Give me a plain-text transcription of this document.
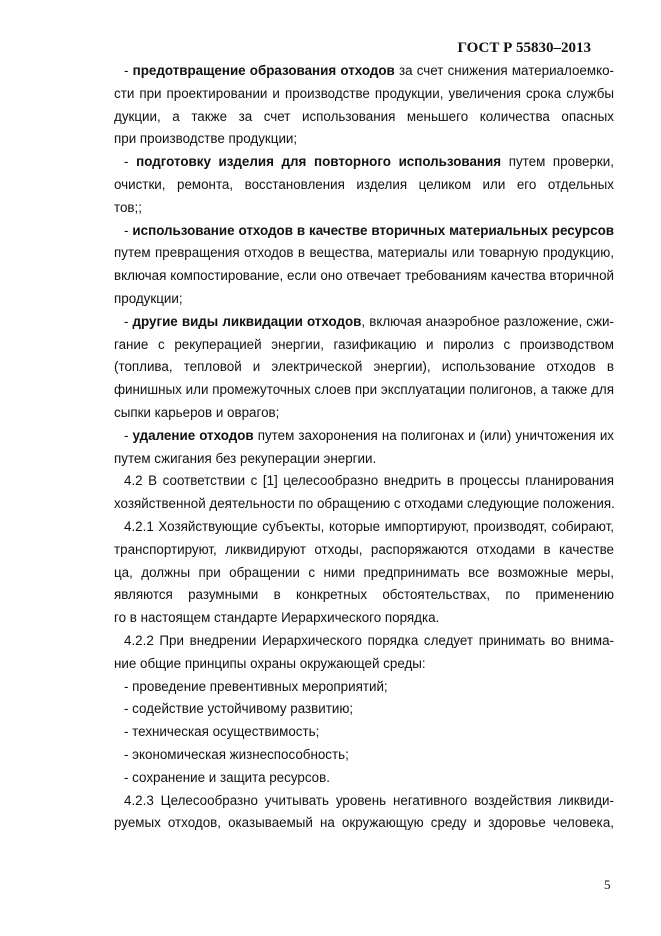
ГОСТ Р 55830–2013
- предотвращение образования отходов за счет снижения материалоемко-
сти при проектировании и производстве продукции, увеличения срока службы
дукции, а также за счет использования меньшего количества опасных
при производстве продукции;
- подготовку изделия для повторного использования путем проверки,
очистки, ремонта, восстановления изделия целиком или его отдельных
тов;;
- использование отходов в качестве вторичных материальных ресурсов
путем превращения отходов в вещества, материалы или товарную продукцию,
включая компостирование, если оно отвечает требованиям качества вторичной
продукции;
- другие виды ликвидации отходов, включая анаэробное разложение, сжи-
гание с рекуперацией энергии, газификацию и пиролиз с производством
(топлива, тепловой и электрической энергии), использование отходов в
финишных или промежуточных слоев при эксплуатации полигонов, а также для
сыпки карьеров и оврагов;
- удаление отходов путем захоронения на полигонах и (или) уничтожения их
путем сжигания без рекуперации энергии.
4.2 В соответствии с [1] целесообразно внедрить в процессы планирования
хозяйственной деятельности по обращению с отходами следующие положения.
4.2.1 Хозяйствующие субъекты, которые импортируют, производят, собирают,
транспортируют, ликвидируют отходы, распоряжаются отходами в качестве
ца, должны при обращении с ними предпринимать все возможные меры,
являются разумными в конкретных обстоятельствах, по применению
го в настоящем стандарте Иерархического порядка.
4.2.2 При внедрении Иерархического порядка следует принимать во внима-
ние общие принципы охраны окружающей среды:
- проведение превентивных мероприятий;
- содействие устойчивому развитию;
- техническая осуществимость;
- экономическая жизнеспособность;
- сохранение и защита ресурсов.
4.2.3 Целесообразно учитывать уровень негативного воздействия ликвиди-
руемых отходов, оказываемый на окружающую среду и здоровье человека,
5
